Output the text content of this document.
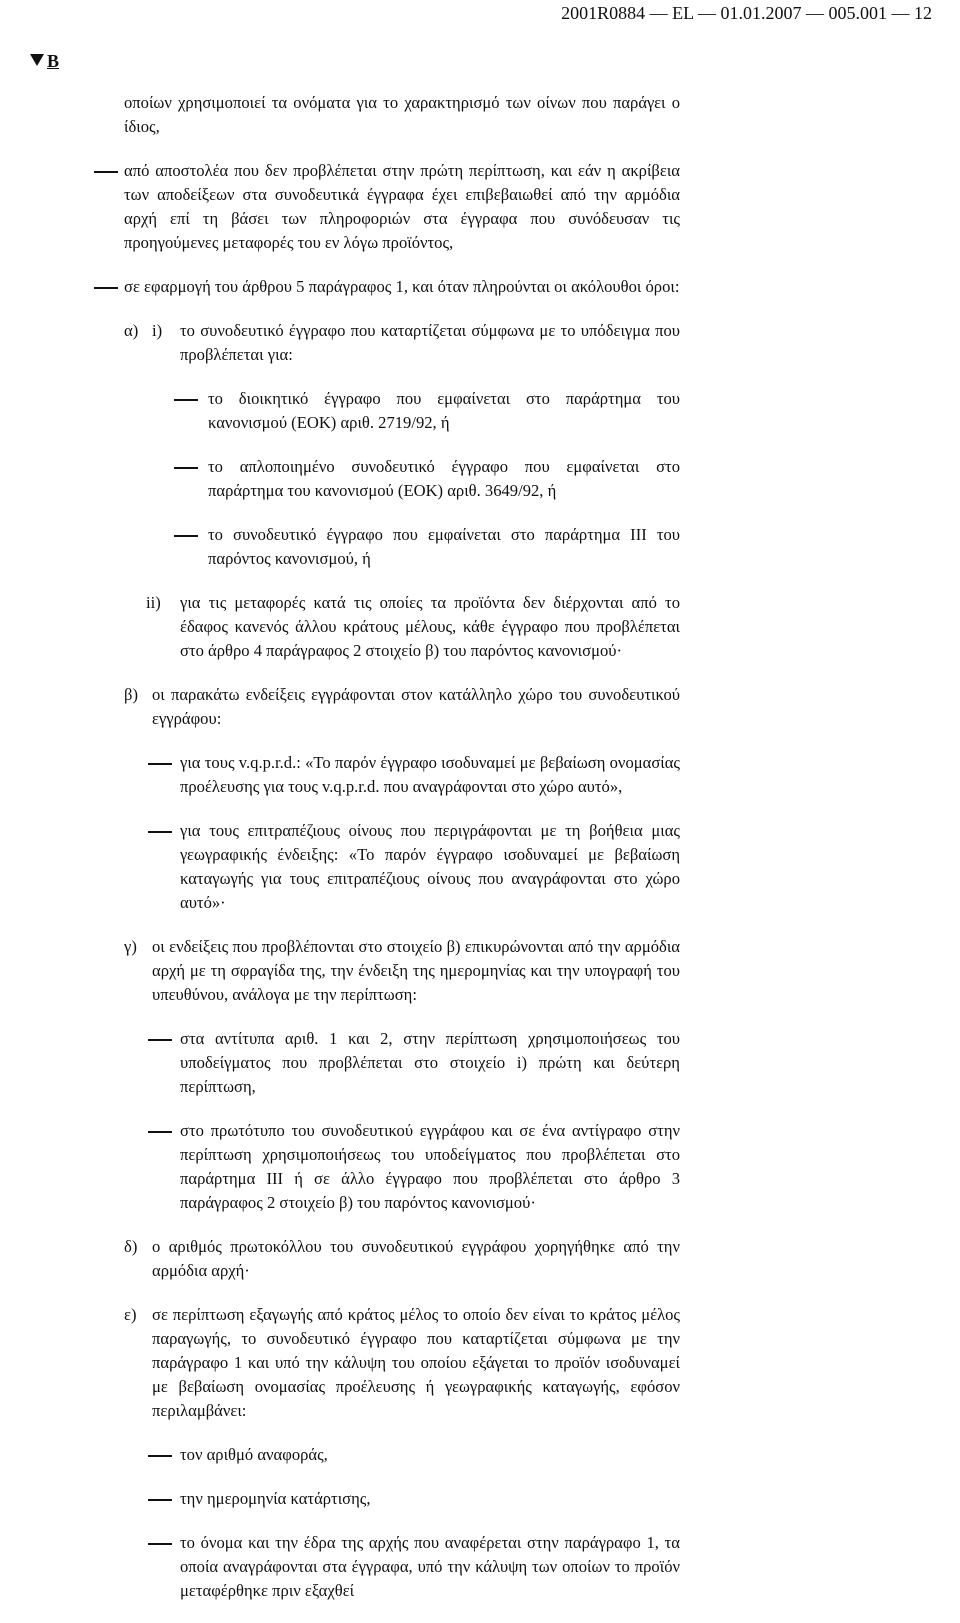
2001R0884 — EL — 01.01.2007 — 005.001 — 12
B

οποίων χρησιμοποιεί τα ονόματα για το χαρακτηρισμό των οίνων που παράγει ο ίδιος,

από αποστολέα που δεν προβλέπεται στην πρώτη περίπτωση, και εάν η ακρίβεια των αποδείξεων στα συνοδευτικά έγγραφα έχει επιβεβαιωθεί από την αρμόδια αρχή επί τη βάσει των πληροφοριών στα έγγραφα που συνόδευσαν τις προηγούμενες μεταφορές του εν λόγω προϊόντος,

σε εφαρμογή του άρθρου 5 παράγραφος 1, και όταν πληρούνται οι ακόλουθοι όροι:

α) i) το συνοδευτικό έγγραφο που καταρτίζεται σύμφωνα με το υπόδειγμα που προβλέπεται για:

το διοικητικό έγγραφο που εμφαίνεται στο παράρτημα του κανονισμού (ΕΟΚ) αριθ. 2719/92, ή

το απλοποιημένο συνοδευτικό έγγραφο που εμφαίνεται στο παράρτημα του κανονισμού (ΕΟΚ) αριθ. 3649/92, ή

το συνοδευτικό έγγραφο που εμφαίνεται στο παράρτημα III του παρόντος κανονισμού, ή

ii) για τις μεταφορές κατά τις οποίες τα προϊόντα δεν διέρχονται από το έδαφος κανενός άλλου κράτους μέλους, κάθε έγγραφο που προβλέπεται στο άρθρο 4 παράγραφος 2 στοιχείο β) του παρόντος κανονισμού·

β) οι παρακάτω ενδείξεις εγγράφονται στον κατάλληλο χώρο του συνοδευτικού εγγράφου:

για τους v.q.p.r.d.: «Το παρόν έγγραφο ισοδυναμεί με βεβαίωση ονομασίας προέλευσης για τους v.q.p.r.d. που αναγράφονται στο χώρο αυτό»,

για τους επιτραπέζιους οίνους που περιγράφονται με τη βοήθεια μιας γεωγραφικής ένδειξης: «Το παρόν έγγραφο ισοδυναμεί με βεβαίωση καταγωγής για τους επιτραπέζιους οίνους που αναγράφονται στο χώρο αυτό»·

γ) οι ενδείξεις που προβλέπονται στο στοιχείο β) επικυρώνονται από την αρμόδια αρχή με τη σφραγίδα της, την ένδειξη της ημερομηνίας και την υπογραφή του υπευθύνου, ανάλογα με την περίπτωση:

στα αντίτυπα αριθ. 1 και 2, στην περίπτωση χρησιμοποιήσεως του υποδείγματος που προβλέπεται στο στοιχείο i) πρώτη και δεύτερη περίπτωση,

στο πρωτότυπο του συνοδευτικού εγγράφου και σε ένα αντίγραφο στην περίπτωση χρησιμοποιήσεως του υποδείγματος που προβλέπεται στο παράρτημα III ή σε άλλο έγγραφο που προβλέπεται στο άρθρο 3 παράγραφος 2 στοιχείο β) του παρόντος κανονισμού·

δ) ο αριθμός πρωτοκόλλου του συνοδευτικού εγγράφου χορηγήθηκε από την αρμόδια αρχή·

ε) σε περίπτωση εξαγωγής από κράτος μέλος το οποίο δεν είναι το κράτος μέλος παραγωγής, το συνοδευτικό έγγραφο που καταρτίζεται σύμφωνα με την παράγραφο 1 και υπό την κάλυψη του οποίου εξάγεται το προϊόν ισοδυναμεί με βεβαίωση ονομασίας προέλευσης ή γεωγραφικής καταγωγής, εφόσον περιλαμβάνει:

τον αριθμό αναφοράς,

την ημερομηνία κατάρτισης,

το όνομα και την έδρα της αρχής που αναφέρεται στην παράγραφο 1, τα οποία αναγράφονται στα έγγραφα, υπό την κάλυψη των οποίων το προϊόν μεταφέρθηκε πριν εξαχθεί
